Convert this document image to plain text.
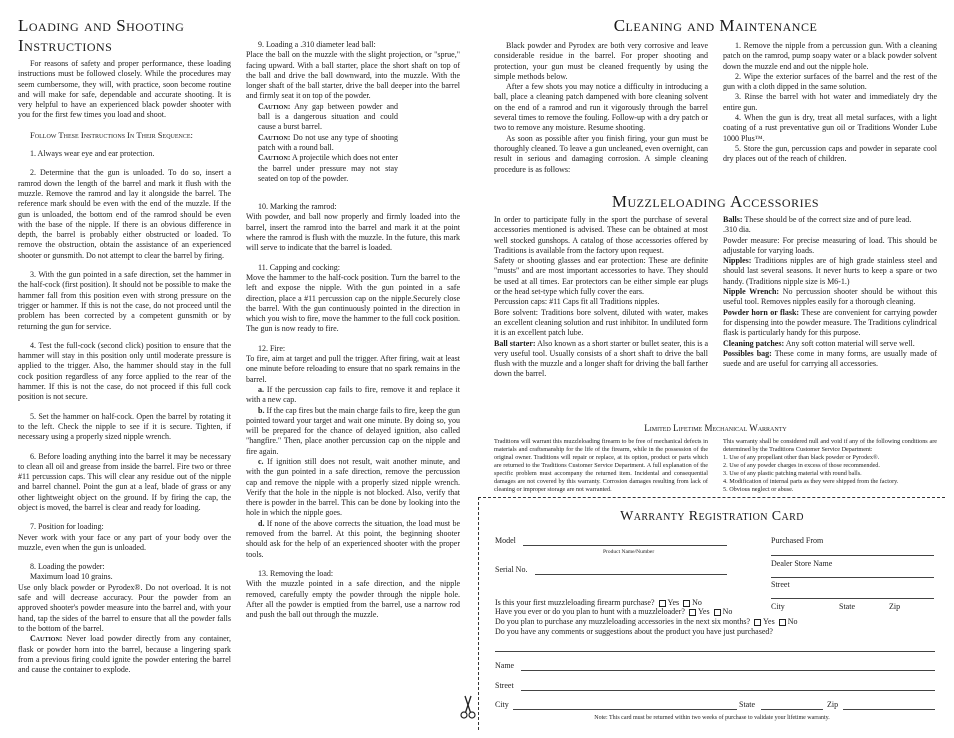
Loading and Shooting Instructions

For reasons of safety and proper performance, these loading instructions must be followed closely. While the procedures may seem cumbersome, they will, with practice, soon become routine and will make for safe, dependable and accurate shooting. It is very helpful to have an experienced black powder shooter with you for the first few times you load and shoot.

Follow These Instructions In Their Sequence:

1. Always wear eye and ear protection.

2. Determine that the gun is unloaded. To do so, insert a ramrod down the length of the barrel and mark it flush with the muzzle. Remove the ramrod and lay it alongside the barrel. The reference mark should be even with the end of the muzzle. If the gun is unloaded, the bottom end of the ramrod should be even with the base of the nipple. If there is an obvious difference in depth, the barrel is probably either obstructed or loaded. To remove the obstruction, obtain the assistance of an experienced shooter or gunsmith. Do not attempt to clear the barrel by firing.

3. With the gun pointed in a safe direction, set the hammer in the half-cock (first position). It should not be possible to make the hammer fall from this position even with strong pressure on the trigger or hammer. If this is not the case, do not proceed until the problem has been corrected by a competent gunsmith or by returning the gun for service.

4. Test the full-cock (second click) position to ensure that the hammer will stay in this position only until moderate pressure is applied to the trigger. Also, the hammer should stay in the full cock position regardless of any force applied to the rear of the hammer. If this is not the case, do not proceed if this full cock position is not secure.

5. Set the hammer on half-cock. Open the barrel by rotating it to the left. Check the nipple to see if it is secure. Tighten, if necessary using a properly sized nipple wrench.

6. Before loading anything into the barrel it may be necessary to clean all oil and grease from inside the barrel. Fire two or three #11 percussion caps. This will clear any residue out of the nipple and barrel channel. Point the gun at a leaf, blade of grass or any other lightweight object on the ground. If by firing the cap, the object is moved, the barrel is clear and ready for loading.

7. Position for loading:

Never work with your face or any part of your body over the muzzle, even when the gun is unloaded.

8. Loading the powder:

Maximum load 10 grains.

Use only black powder or Pyrodex®. Do not overload. It is not safe and will decrease accuracy. Pour the powder from an approved shooter's powder measure into the barrel and, with your hand, tap the sides of the barrel to ensure that all the powder falls to the bottom of the barrel.

Caution: Never load powder directly from any container, flask or powder horn into the barrel, because a lingering spark from a previous firing could ignite the powder entering the barrel and cause the container to explode.

9. Loading a .310 diameter lead ball:

Place the ball on the muzzle with the slight projection, or "sprue," facing upward. With a ball starter, place the short shaft on top of the ball and drive the ball downward, into the muzzle. With the longer shaft of the ball starter, drive the ball deeper into the barrel and firmly seat it on top of the powder.

Caution: Any gap between powder and ball is a dangerous situation and could cause a burst barrel.

Caution: Do not use any type of shooting patch with a round ball.

Caution: A projectile which does not enter the barrel under pressure may not stay seated on top of the powder.

10. Marking the ramrod:

With powder, and ball now properly and firmly loaded into the barrel, insert the ramrod into the barrel and mark it at the point where the ramrod is flush with the muzzle. In the future, this mark will serve to indicate that the barrel is loaded.

11. Capping and cocking:

Move the hammer to the half-cock position. Turn the barrel to the left and expose the nipple. With the gun pointed in a safe direction, place a #11 percussion cap on the nipple.Securely close the barrel. With the gun continuously pointed in the direction in which you wish to fire, move the hammer to the full cock position. The gun is now ready to fire.

12. Fire:

To fire, aim at target and pull the trigger. After firing, wait at least one minute before reloading to ensure that no spark remains in the barrel.

a. If the percussion cap fails to fire, remove it and replace it with a new cap.

b. If the cap fires but the main charge fails to fire, keep the gun pointed toward your target and wait one minute. By doing so, you will be prepared for the chance of delayed ignition, also called "hangfire." Then, place another percussion cap on the nipple and fire again.

c. If ignition still does not result, wait another minute, and with the gun pointed in a safe direction, remove the percussion cap and remove the nipple with a properly sized nipple wrench. Verify that the hole in the nipple is not blocked. Also, verify that there is powder in the barrel. This can be done by looking into the hole in which the nipple goes.

d. If none of the above corrects the situation, the load must be removed from the barrel. At this point, the beginning shooter should ask for the help of an experienced shooter with the proper tools.

13. Removing the load:

With the muzzle pointed in a safe direction, and the nipple removed, carefully empty the powder through the nipple hole. After all the powder is emptied from the barrel, use a narrow rod and push the ball out through the muzzle.

Cleaning and Maintenance

Black powder and Pyrodex are both very corrosive and leave considerable residue in the barrel. For proper shooting and protection, your gun must be cleaned frequently by using the simple methods below.

After a few shots you may notice a difficulty in introducing a ball, place a cleaning patch dampened with bore cleaning solvent on the end of a ramrod and run it vigorously through the barrel several times to remove the fouling. Follow-up with a dry patch or two to remove any moisture. Resume shooting.

As soon as possible after you finish firing, your gun must be thoroughly cleaned. To leave a gun uncleaned, even overnight, can result in serious and damaging corrosion. A simple cleaning procedure is as follows:

1. Remove the nipple from a percussion gun. With a cleaning patch on the ramrod, pump soapy water or a black powder solvent down the muzzle end and out the nipple hole.

2. Wipe the exterior surfaces of the barrel and the rest of the gun with a cloth dipped in the same solution.

3. Rinse the barrel with hot water and immediately dry the entire gun.

4. When the gun is dry, treat all metal surfaces, with a light coating of a rust preventative gun oil or Traditions Wonder Lube 1000 Plus™.

5. Store the gun, percussion caps and powder in separate cool dry places out of the reach of children.

Muzzleloading Accessories

In order to participate fully in the sport the purchase of several accessories mentioned is advised. These can be obtained at most well stocked gunshops. A catalog of those accessories offered by Traditions is available from the factory upon request.

Safety or shooting glasses and ear protection: These are definite "musts" and are most important accessories to have. They should be used at all times. Ear protectors can be either simple ear plugs or the head set-type which fully cover the ears.

Percussion caps: #11 Caps fit all Traditions nipples.

Bore solvent: Traditions bore solvent, diluted with water, makes an excellent cleaning solution and rust inhibitor. In undiluted form it is an excellent patch lube.

Ball starter: Also known as a short starter or bullet seater, this is a very useful tool. Usually consists of a short shaft to drive the ball flush with the muzzle and a longer shaft for driving the ball farther down the barrel.

Balls: These should be of the correct size and of pure lead.

.310 dia.

Powder measure: For precise measuring of load. This should be adjustable for varying loads.

Nipples: Traditions nipples are of high grade stainless steel and should last several seasons. It never hurts to keep a spare or two handy. (Traditions nipple size is M6-1.)

Nipple Wrench: No percussion shooter should be without this useful tool. Removes nipples easily for a thorough cleaning.

Powder horn or flask: These are convenient for carrying powder for dispensing into the powder measure. The Traditions cylindrical flask is particularly handy for this purpose.

Cleaning patches: Any soft cotton material will serve well.

Possibles bag: These come in many forms, are usually made of suede and are useful for carrying all accessories.

Limited Lifetime Mechanical Warranty

Traditions will warrant this muzzleloading firearm to be free of mechanical defects in materials and craftsmanship for the life of the firearm, while in the possession of the original owner. Traditions will repair or replace, at its option, product or parts which are returned to the Traditions Customer Service Department. A full explanation of the specific problem must accompany the returned item. Incidental and consequential damages are not covered by this warranty. Corrosion damages resulting from lack of cleaning or improper storage are not warranted.

This warranty shall be considered null and void if any of the following conditions are determined by the Traditions Customer Service Department:

1. Use of any propellant other than black powder or Pyrodex®.

2. Use of any powder charges in excess of those recommended.

3. Use of any plastic patching material with round balls.

4. Modification of internal parts as they were shipped from the factory.

5. Obvious neglect or abuse.

Warranty Registration Card
Model
Product Name/Number
Serial No.
Purchased From
Dealer Store Name
Street
City	State	Zip
Is this your first muzzleloading firearm purchase? Yes No
Have you ever or do you plan to hunt with a muzzleloader? Yes No
Do you plan to purchase any muzzleloading accessories in the next six months? Yes No
Do you have any comments or suggestions about the product you have just purchased?
Name
Street
City	State	Zip
Note: This card must be returned within two weeks of purchase to validate your lifetime warranty.
